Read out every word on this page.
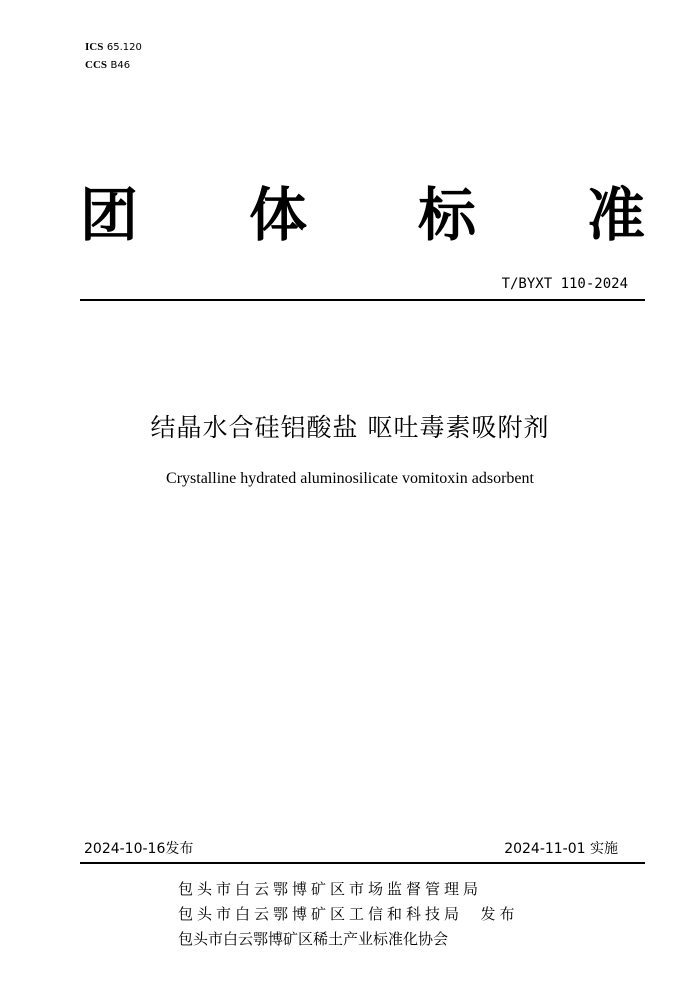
ICS 65.120
CCS B46
团 体 标 准
T/BYXT 110-2024
结晶水合硅铝酸盐 呕吐毒素吸附剂
Crystalline hydrated aluminosilicate vomitoxin adsorbent
2024-10-16发布	2024-11-01 实施
包头市白云鄂博矿区市场监督管理局
包头市白云鄂博矿区工信和科技局  发布
包头市白云鄂博矿区稀土产业标准化协会
